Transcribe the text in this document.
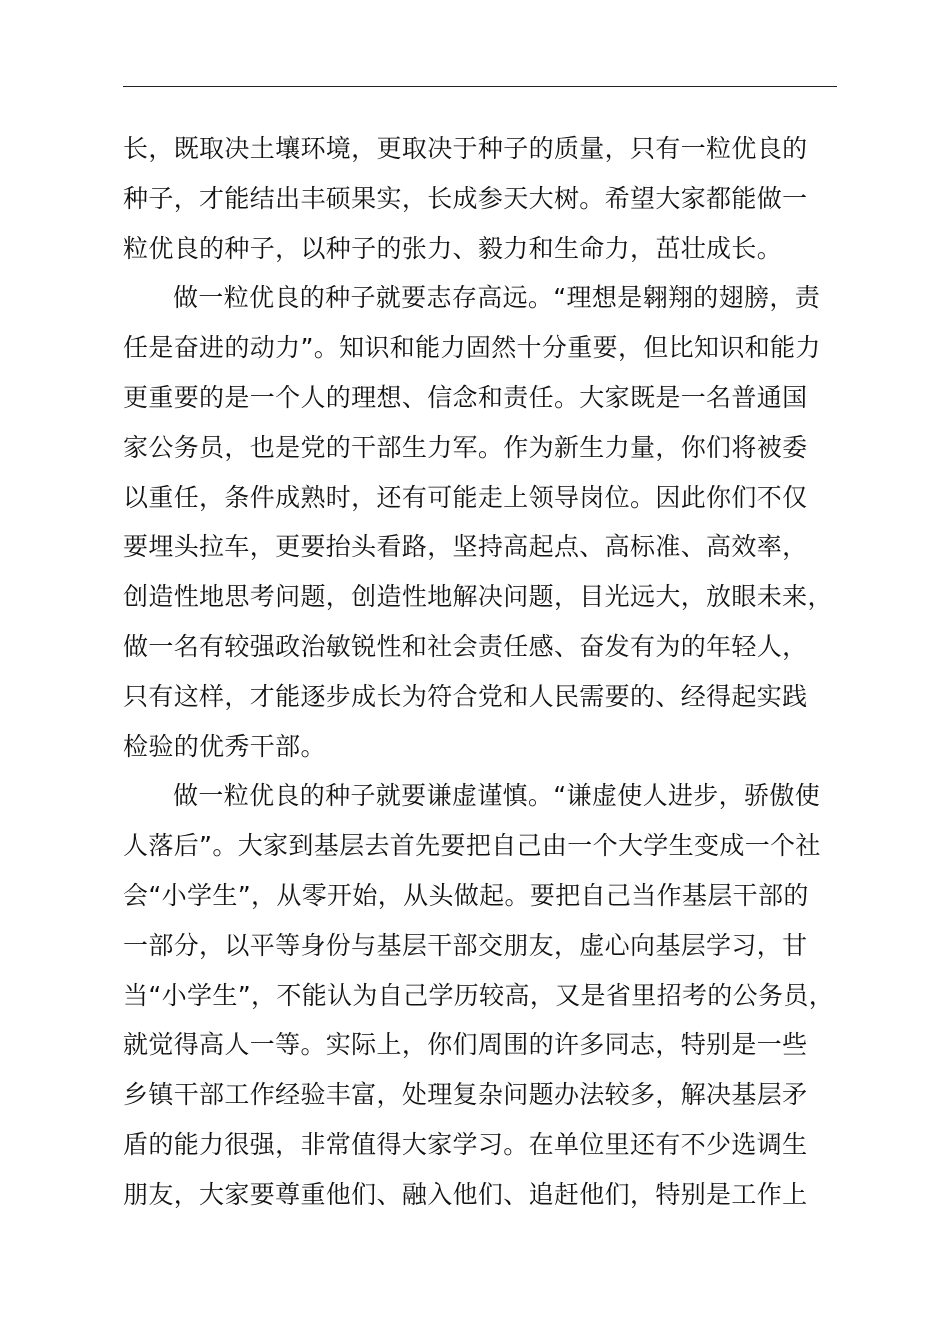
长，既取决土壤环境，更取决于种子的质量，只有一粒优良的
种子，才能结出丰硕果实，长成参天大树。希望大家都能做一
粒优良的种子，以种子的张力、毅力和生命力，茁壮成长。
做一粒优良的种子就要志存高远。“理想是翱翔的翅膀，责
任是奋进的动力”。知识和能力固然十分重要，但比知识和能力
更重要的是一个人的理想、信念和责任。大家既是一名普通国
家公务员，也是党的干部生力军。作为新生力量，你们将被委
以重任，条件成熟时，还有可能走上领导岗位。因此你们不仅
要埋头拉车，更要抬头看路，坚持高起点、高标准、高效率，
创造性地思考问题，创造性地解决问题，目光远大，放眼未来，
做一名有较强政治敏锐性和社会责任感、奋发有为的年轻人，
只有这样，才能逐步成长为符合党和人民需要的、经得起实践
检验的优秀干部。
做一粒优良的种子就要谦虚谨慎。“谦虚使人进步，骄傲使
人落后”。大家到基层去首先要把自己由一个大学生变成一个社
会“小学生”，从零开始，从头做起。要把自己当作基层干部的
一部分，以平等身份与基层干部交朋友，虚心向基层学习，甘
当“小学生”，不能认为自己学历较高，又是省里招考的公务员，
就觉得高人一等。实际上，你们周围的许多同志，特别是一些
乡镇干部工作经验丰富，处理复杂问题办法较多，解决基层矛
盾的能力很强，非常值得大家学习。在单位里还有不少选调生
朋友，大家要尊重他们、融入他们、追赶他们，特别是工作上
